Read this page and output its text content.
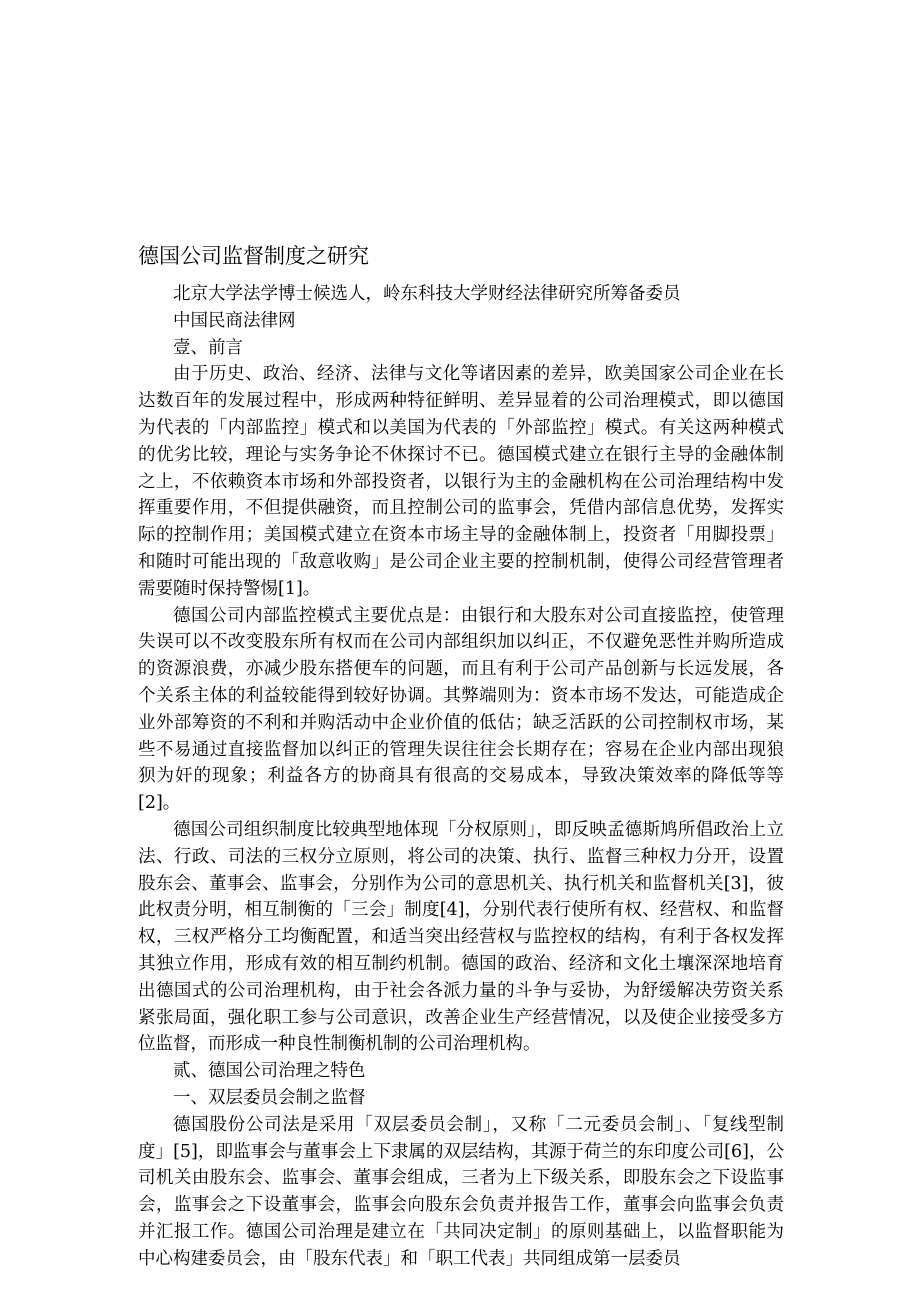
德国公司监督制度之研究

北京大学法学博士候选人，岭东科技大学财经法律研究所筹备委员

中国民商法律网

壹、前言

由于历史、政治、经济、法律与文化等诸因素的差异，欧美国家公司企业在长达数百年的发展过程中，形成两种特征鲜明、差异显着的公司治理模式，即以德国为代表的「内部监控」模式和以美国为代表的「外部监控」模式。有关这两种模式的优劣比较，理论与实务争论不休探讨不已。德国模式建立在银行主导的金融体制之上，不依赖资本市场和外部投资者，以银行为主的金融机构在公司治理结构中发挥重要作用，不但提供融资，而且控制公司的监事会，凭借内部信息优势，发挥实际的控制作用；美国模式建立在资本市场主导的金融体制上，投资者「用脚投票」和随时可能出现的「敌意收购」是公司企业主要的控制机制，使得公司经营管理者需要随时保持警惕[1]。

德国公司内部监控模式主要优点是：由银行和大股东对公司直接监控，使管理失误可以不改变股东所有权而在公司内部组织加以纠正，不仅避免恶性并购所造成的资源浪费，亦减少股东搭便车的问题，而且有利于公司产品创新与长远发展，各个关系主体的利益较能得到较好协调。其弊端则为：资本市场不发达，可能造成企业外部筹资的不利和并购活动中企业价值的低估；缺乏活跃的公司控制权市场，某些不易通过直接监督加以纠正的管理失误往往会长期存在；容易在企业内部出现狼狈为奸的现象；利益各方的协商具有很高的交易成本，导致决策效率的降低等等[2]。

德国公司组织制度比较典型地体现「分权原则」，即反映孟德斯鸠所倡政治上立法、行政、司法的三权分立原则，将公司的决策、执行、监督三种权力分开，设置股东会、董事会、监事会，分别作为公司的意思机关、执行机关和监督机关[3]，彼此权责分明，相互制衡的「三会」制度[4]，分别代表行使所有权、经营权、和监督权，三权严格分工均衡配置，和适当突出经营权与监控权的结构，有利于各权发挥其独立作用，形成有效的相互制约机制。德国的政治、经济和文化土壤深深地培育出德国式的公司治理机构，由于社会各派力量的斗争与妥协，为舒缓解决劳资关系紧张局面，强化职工参与公司意识，改善企业生产经营情况，以及使企业接受多方位监督，而形成一种良性制衡机制的公司治理机构。

贰、德国公司治理之特色

一、双层委员会制之监督

德国股份公司法是采用「双层委员会制」，又称「二元委员会制」、「复线型制度」[5]，即监事会与董事会上下隶属的双层结构，其源于荷兰的东印度公司[6]，公司机关由股东会、监事会、董事会组成，三者为上下级关系，即股东会之下设监事会，监事会之下设董事会，监事会向股东会负责并报告工作，董事会向监事会负责并汇报工作。德国公司治理是建立在「共同决定制」的原则基础上，以监督职能为中心构建委员会，由「股东代表」和「职工代表」共同组成第一层委员
